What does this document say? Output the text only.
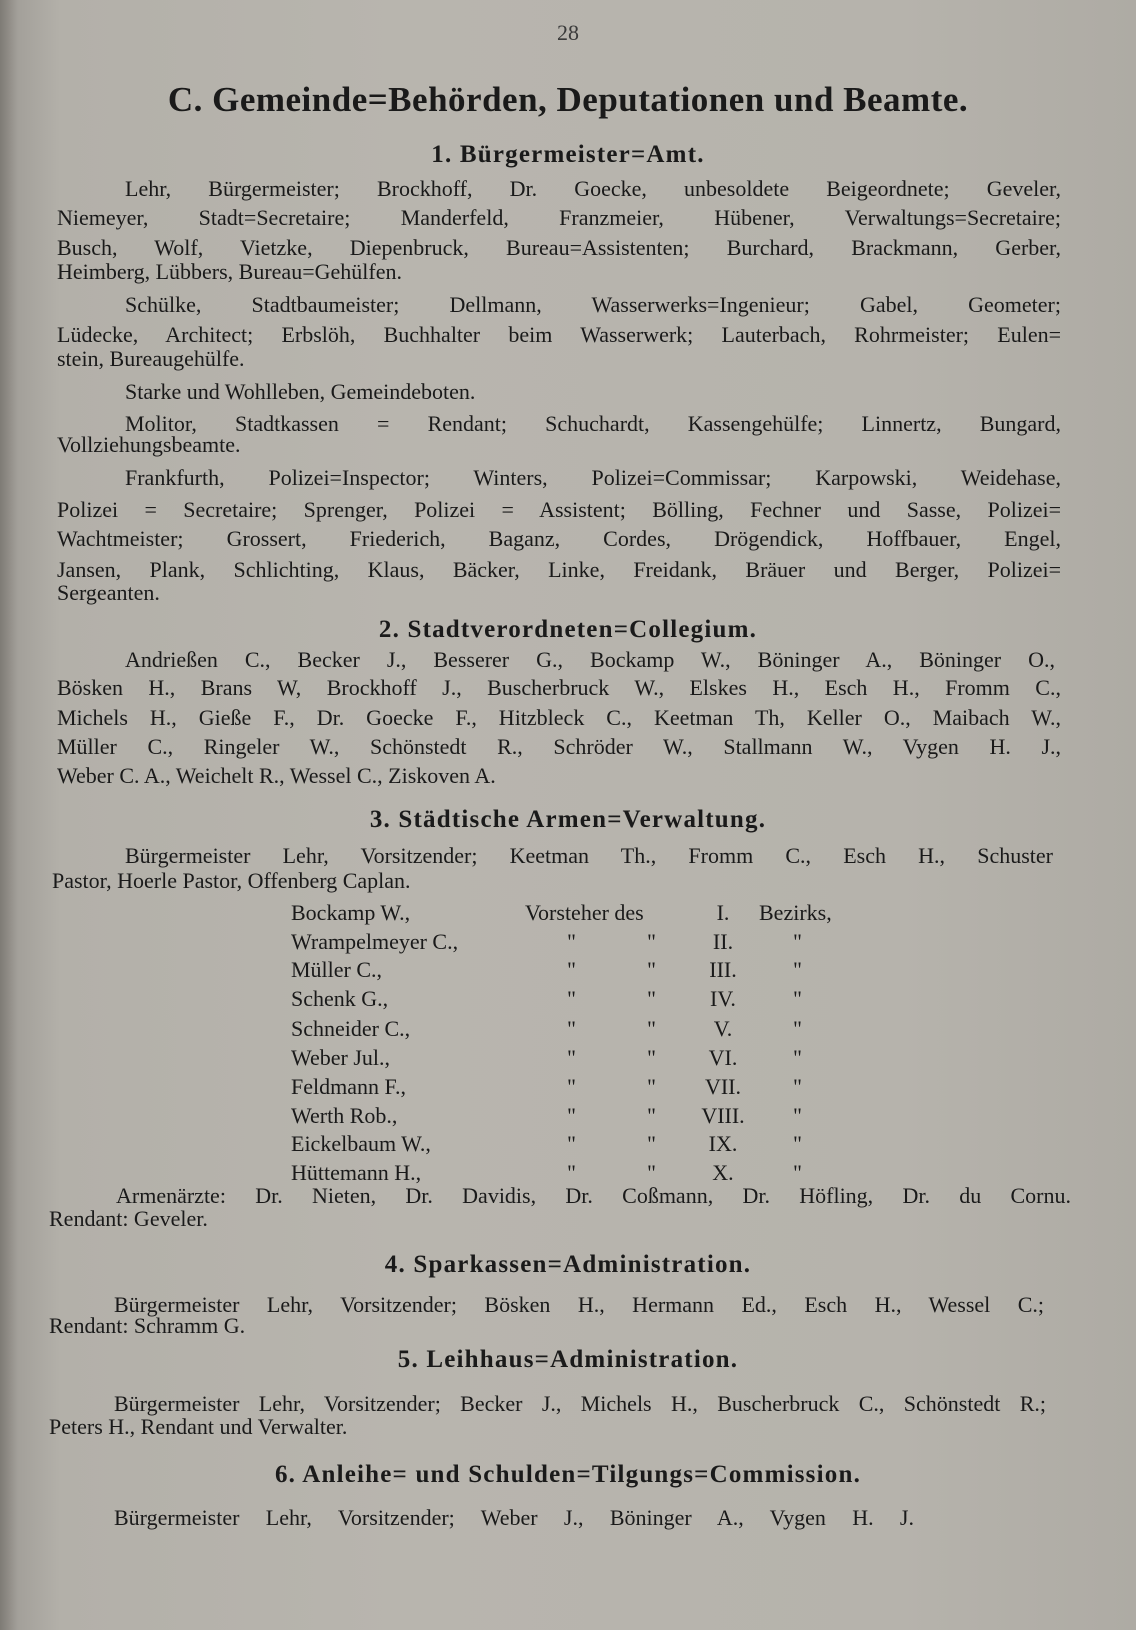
28
C. Gemeinde=Behörden, Deputationen und Beamte.
1. Bürgermeister=Amt.
Lehr, Bürgermeister; Brockhoff, Dr. Goecke, unbesoldete Beigeordnete; Geveler,
Niemeyer, Stadt=Secretaire; Manderfeld, Franzmeier, Hübener, Verwaltungs=Secretaire;
Busch, Wolf, Vietzke, Diepenbruck, Bureau=Assistenten; Burchard, Brackmann, Gerber,
Heimberg, Lübbers, Bureau=Gehülfen.
Schülke, Stadtbaumeister; Dellmann, Wasserwerks=Ingenieur; Gabel, Geometer;
Lüdecke, Architect; Erbslöh, Buchhalter beim Wasserwerk; Lauterbach, Rohrmeister; Eulen=
stein, Bureaugehülfe.
Starke und Wohlleben, Gemeindeboten.
Molitor, Stadtkassen = Rendant; Schuchardt, Kassengehülfe; Linnertz, Bungard,
Vollziehungsbeamte.
Frankfurth, Polizei=Inspector; Winters, Polizei=Commissar; Karpowski, Weidehase,
Polizei = Secretaire; Sprenger, Polizei = Assistent; Bölling, Fechner und Sasse, Polizei=
Wachtmeister; Grossert, Friederich, Baganz, Cordes, Drögendick, Hoffbauer, Engel,
Jansen, Plank, Schlichting, Klaus, Bäcker, Linke, Freidank, Bräuer und Berger, Polizei=
Sergeanten.
2. Stadtverordneten=Collegium.
Andrießen C., Becker J., Besserer G., Bockamp W., Böninger A., Böninger O.,
Bösken H., Brans W, Brockhoff J., Buscherbruck W., Elskes H., Esch H., Fromm C.,
Michels H., Gieße F., Dr. Goecke F., Hitzbleck C., Keetman Th, Keller O., Maibach W.,
Müller C., Ringeler W., Schönstedt R., Schröder W., Stallmann W., Vygen H. J.,
Weber C. A., Weichelt R., Wessel C., Ziskoven A.
3. Städtische Armen=Verwaltung.
Bürgermeister Lehr, Vorsitzender; Keetman Th., Fromm C., Esch H., Schuster
Pastor, Hoerle Pastor, Offenberg Caplan.
Bockamp W.,	Vorsteher des	I.	Bezirks,
Wrampelmeyer C.,	"	"	II.	"
Müller C.,	"	"	III.	"
Schenk G.,	"	"	IV.	"
Schneider C.,	"	"	V.	"
Weber Jul.,	"	"	VI.	"
Feldmann F.,	"	"	VII.	"
Werth Rob.,	"	"	VIII.	"
Eickelbaum W.,	"	"	IX.	"
Hüttemann H.,	"	"	X.	"
Armenärzte: Dr. Nieten, Dr. Davidis, Dr. Coßmann, Dr. Höfling, Dr. du Cornu.
Rendant: Geveler.
4. Sparkassen=Administration.
Bürgermeister Lehr, Vorsitzender; Bösken H., Hermann Ed., Esch H., Wessel C.;
Rendant: Schramm G.
5. Leihhaus=Administration.
Bürgermeister Lehr, Vorsitzender; Becker J., Michels H., Buscherbruck C., Schönstedt R.;
Peters H., Rendant und Verwalter.
6. Anleihe= und Schulden=Tilgungs=Commission.
Bürgermeister Lehr, Vorsitzender; Weber J., Böninger A., Vygen H. J.
